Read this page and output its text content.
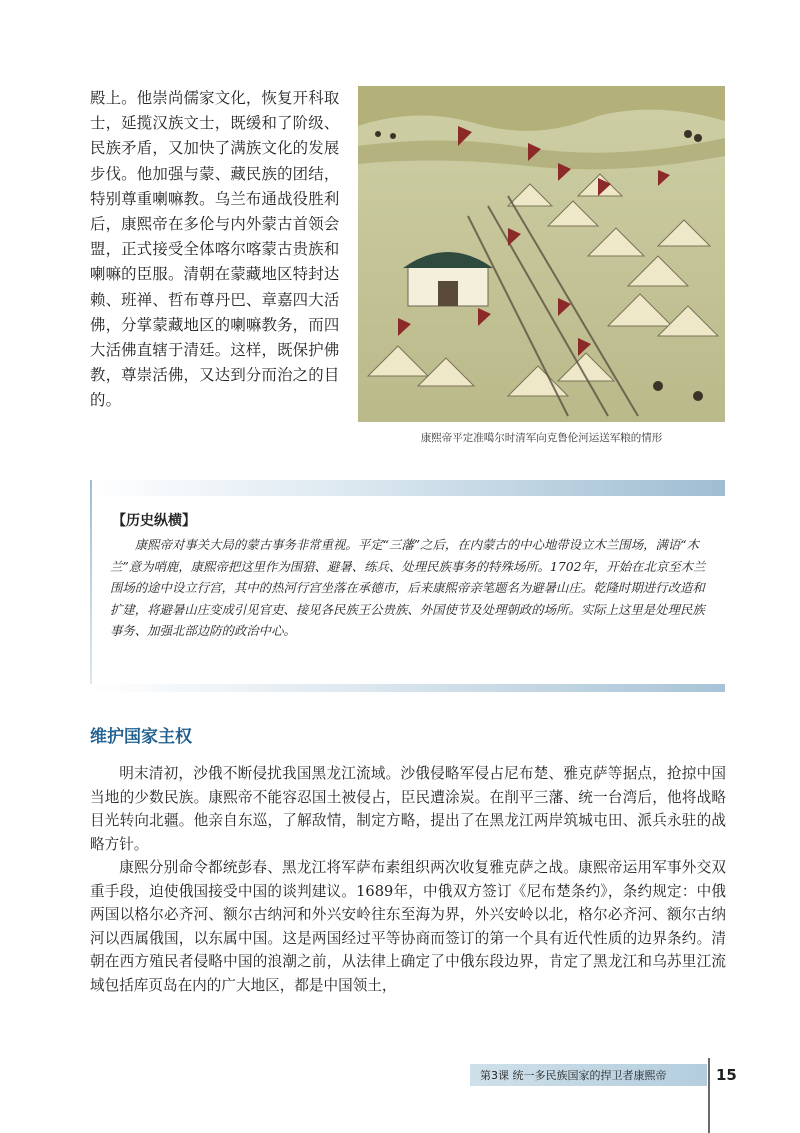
殿上。他崇尚儒家文化，恢复开科取士，延揽汉族文士，既缓和了阶级、民族矛盾，又加快了满族文化的发展步伐。他加强与蒙、藏民族的团结，特别尊重喇嘛教。乌兰布通战役胜利后，康熙帝在多伦与内外蒙古首领会盟，正式接受全体喀尔喀蒙古贵族和喇嘛的臣服。清朝在蒙藏地区特封达赖、班禅、哲布尊丹巴、章嘉四大活佛，分掌蒙藏地区的喇嘛教务，而四大活佛直辖于清廷。这样，既保护佛教，尊崇活佛，又达到分而治之的目的。

康熙帝平定准噶尔时清军向克鲁伦河运送军粮的情形

【历史纵横】

康熙帝对事关大局的蒙古事务非常重视。平定“三藩”之后，在内蒙古的中心地带设立木兰围场，满语“木兰”意为哨鹿，康熙帝把这里作为围猎、避暑、练兵、处理民族事务的特殊场所。1702年，开始在北京至木兰围场的途中设立行宫，其中的热河行宫坐落在承德市，后来康熙帝亲笔题名为避暑山庄。乾隆时期进行改造和扩建，将避暑山庄变成引见官吏、接见各民族王公贵族、外国使节及处理朝政的场所。实际上这里是处理民族事务、加强北部边防的政治中心。

维护国家主权

明末清初，沙俄不断侵扰我国黑龙江流域。沙俄侵略军侵占尼布楚、雅克萨等据点，抢掠中国当地的少数民族。康熙帝不能容忍国土被侵占，臣民遭涂炭。在削平三藩、统一台湾后，他将战略目光转向北疆。他亲自东巡，了解敌情，制定方略，提出了在黑龙江两岸筑城屯田、派兵永驻的战略方针。

康熙分别命令都统彭春、黑龙江将军萨布素组织两次收复雅克萨之战。康熙帝运用军事外交双重手段，迫使俄国接受中国的谈判建议。1689年，中俄双方签订《尼布楚条约》，条约规定：中俄两国以格尔必齐河、额尔古纳河和外兴安岭往东至海为界，外兴安岭以北，格尔必齐河、额尔古纳河以西属俄国，以东属中国。这是两国经过平等协商而签订的第一个具有近代性质的边界条约。清朝在西方殖民者侵略中国的浪潮之前，从法律上确定了中俄东段边界，肯定了黑龙江和乌苏里江流域包括库页岛在内的广大地区，都是中国领土，

第3课 统一多民族国家的捍卫者康熙帝	15
